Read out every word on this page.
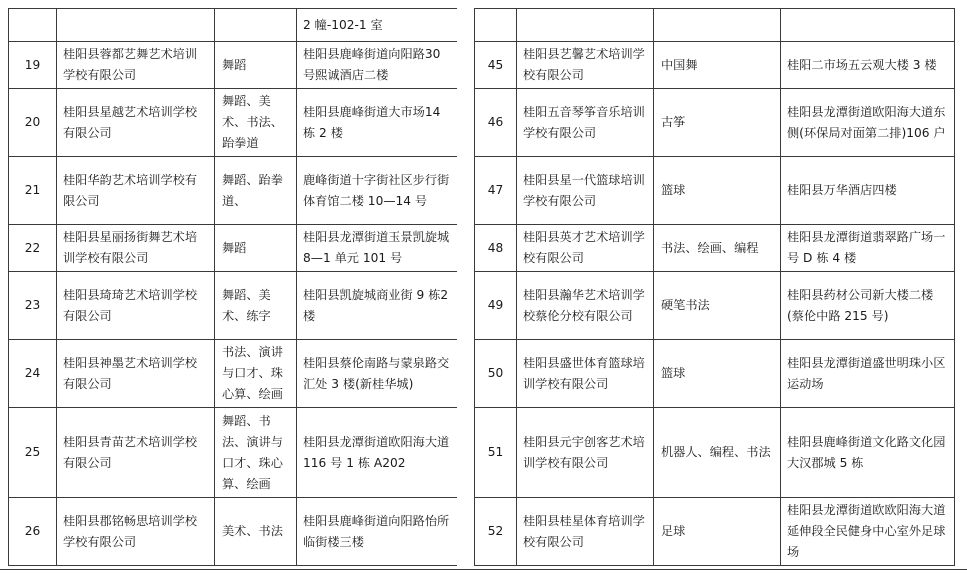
			2 幢-102-1 室
19	桂阳县蓉都艺舞艺术培训学校有限公司	舞蹈	桂阳县鹿峰街道向阳路30 号熙诚酒店二楼
20	桂阳县星越艺术培训学校有限公司	舞蹈、美术、书法、跆拳道	桂阳县鹿峰街道大市场14 栋 2 楼
21	桂阳华韵艺术培训学校有限公司	舞蹈、跆拳道、	鹿峰街道十字街社区步行街体育馆二楼 10—14 号
22	桂阳县星丽扬街舞艺术培训学校有限公司	舞蹈	桂阳县龙潭街道玉景凯旋城 8—1 单元 101 号
23	桂阳县琦琦艺术培训学校有限公司	舞蹈、美术、练字	桂阳县凯旋城商业街 9 栋2 楼
24	桂阳县神墨艺术培训学校有限公司	书法、演讲与口才、珠心算、绘画	桂阳县蔡伦南路与蒙泉路交汇处 3 楼(新桂华城)
25	桂阳县青苗艺术培训学校有限公司	舞蹈、书法、演讲与口才、珠心算、绘画	桂阳县龙潭街道欧阳海大道 116 号 1 栋 A202
26	桂阳县郡铭畅思培训学校学校有限公司	美术、书法	桂阳县鹿峰街道向阳路怡所临街楼三楼

45	桂阳县艺馨艺术培训学校有限公司	中国舞	桂阳二市场五云观大楼 3 楼
46	桂阳五音琴筝音乐培训学校有限公司	古筝	桂阳县龙潭街道欧阳海大道东侧(环保局对面第二排)106 户
47	桂阳县星一代篮球培训学校有限公司	篮球	桂阳县万华酒店四楼
48	桂阳县英才艺术培训学校有限公司	书法、绘画、编程	桂阳县龙潭街道翡翠路广场一号 D 栋 4 楼
49	桂阳县瀚华艺术培训学校蔡伦分校有限公司	硬笔书法	桂阳县药材公司新大楼二楼(蔡伦中路 215 号)
50	桂阳县盛世体育篮球培训学校有限公司	篮球	桂阳县龙潭街道盛世明珠小区运动场
51	桂阳县元宇创客艺术培训学校有限公司	机器人、编程、书法	桂阳县鹿峰街道文化路文化园大汉郡城 5 栋
52	桂阳县桂星体育培训学校有限公司	足球	桂阳县龙潭街道欧欧阳海大道延伸段全民健身中心室外足球场
